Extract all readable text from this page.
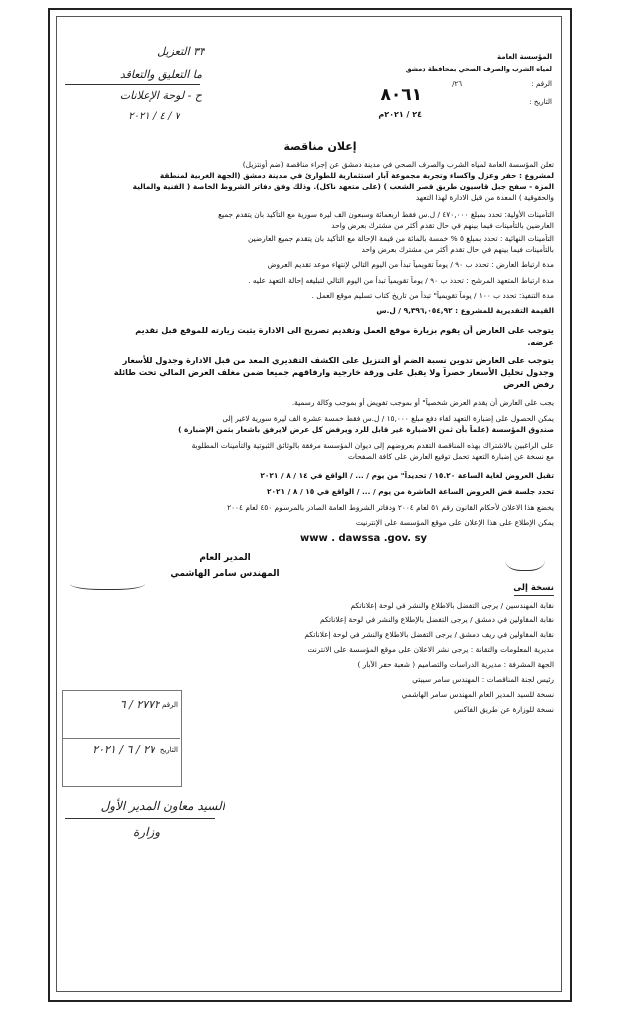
المؤسسة العامة
لمياه الشرب والصرف الصحي بمحافظة دمشق
الرقم :
٢٦/
٨٠٦١	التاريخ :
٢٤ / ٢٠٢١م
٣٣ التعزيل
ما التعليق والتعاقد
ح - لوحة الإعلانات
٧ / ٤ / ٢٠٢١
إعلان مناقصة
تعلن المؤسسة العامة لمياه الشرب والصرف الصحي في مدينة دمشق عن إجراء مناقصة (ضم أونتزيل)
لمشروع : حفر وعزل واكساء وتجربة مجموعة آبار استثمارية للطوارئ في مدينة دمشق (الجهة الغربية لمنطقة
المزة - سفح جبل قاسيون طريق قصر الشعب ) (على متعهد ناكل). وذلك وفق دفاتر الشروط الخاصة ( الفنية والمالية
والحقوقية ) المعدة من قبل الادارة لهذا التعهد
التأمينات الأولية: تحدد بمبلغ ٤٧٠,٠٠٠ / ل.س فقط اربعمائة وسبعون الف ليرة سورية مع التأكيد بان يتقدم جميع
العارضين بالتأمينات فيما بينهم في حال تقدم أكثر من مشترك بعرض واحد
التأمينات النهائية : تحدد بمبلغ ٥ % خمسة بالمائة من قيمة الإحالة مع التأكيد بان يتقدم جميع العارضين
بالتأمينات فيما بينهم في حال تقدم أكثر من مشترك بعرض واحد
مدة ارتباط العارض : تحدد ب ٩٠ / يوماً تقويمياً تبدأ من اليوم التالي لإنتهاء موعد تقديم العروض
مدة ارتباط المتعهد المرشح : تحدد ب ٩٠ / يوماً تقويمياً تبدأ من اليوم التالي لتبليغه إحالة التعهد عليه .
مدة التنفيذ: تحدد ب ١٠٠ / يوماً تقويمياً" تبدأ من تاريخ كتاب تسليم موقع العمل .
القيمة التقديرية للمشروع : ٩,٣٩٦,٠٥٤,٩٢ / ل.س
يتوجب على العارض أن يقوم بزيارة موقع العمل وتقديم تصريح الى الادارة يثبت زيارته للموقع قبل تقديم
عرضه.
يتوجب على العارض تدوين نسبة الضم أو التنزيل على الكشف التقديري المعد من قبل الادارة وجدول للأسعار
وجدول تحليل الأسعار حصراً ولا يقبل على ورقة خارجية وارفاقهم جميعا ضمن مغلف العرض المالي تحت طائلة
رفض العرض
يجب على العارض أن يقدم العرض شخصياً" أو بموجب تفويض أو بموجب وكالة رسمية.
يمكن الحصول على إضبارة التعهد لقاء دفع مبلغ ١٥,٠٠٠ / ل.س فقط خمسة عشرة الف ليرة سورية لاغير إلى
صندوق المؤسسة (علماً بأن ثمن الاضبارة غير قابل للرد ويرفض كل عرض لايرفق باشعار بثمن الإضبارة )
على الراغبين بالاشتراك بهذه المناقصة التقدم بعروضهم إلى ديوان المؤسسة مرفقة بالوثائق الثبوتية والتأمينات المطلوبة
مع نسخة عن إضبارة التعهد تحمل توقيع العارض على كافة الصفحات
تقبل العروض لغاية الساعة ١٥.٢٠ / تحديداً" من يوم / ... / الواقع في ١٤ / ٨ / ٢٠٢١
تحدد جلسة فض العروض الساعة العاشرة من يوم / ... / الواقع في ١٥ / ٨ / ٢٠٢١
يخضع هذا الاعلان لأحكام القانون رقم ٥١ لعام ٢٠٠٤ ودفاتر الشروط العامة الصادر بالمرسوم ٤٥٠ لعام ٢٠٠٤
يمكن الإطلاع على هذا الإعلان على موقع المؤسسة على الإنترنيت
www . dawssa .gov. sy
المدير العام
المهندس سامر الهاشمي
نسخة إلى
نقابة المهندسين / يرجى التفضل بالاطلاع والنشر في لوحة إعلاناتكم
نقابة المقاولين في دمشق / يرجى التفضل بالإطلاع والنشر في لوحة إعلاناتكم
نقابة المقاولين في ريف دمشق / يرجى التفضل بالاطلاع والنشر في لوحة إعلاناتكم
مديرية المعلومات والتقانة : يرجى نشر الاعلان على موقع المؤسسة على الانترنت
الجهة المشرفة : مديرية الدراسات والتصاميم ( شعبة حفر الآبار )
رئيس لجنة المناقصات : المهندس سامر سيبتي
نسخة للسيد المدير العام المهندس سامر الهاشمي
نسخة للوزارة عن طريق الفاكس
الرقم
٢٧٧٢ / ٦
التاريخ
٢٧ / ٦ / ٢٠٢١
السيد معاون المدير الأول
وزارة
